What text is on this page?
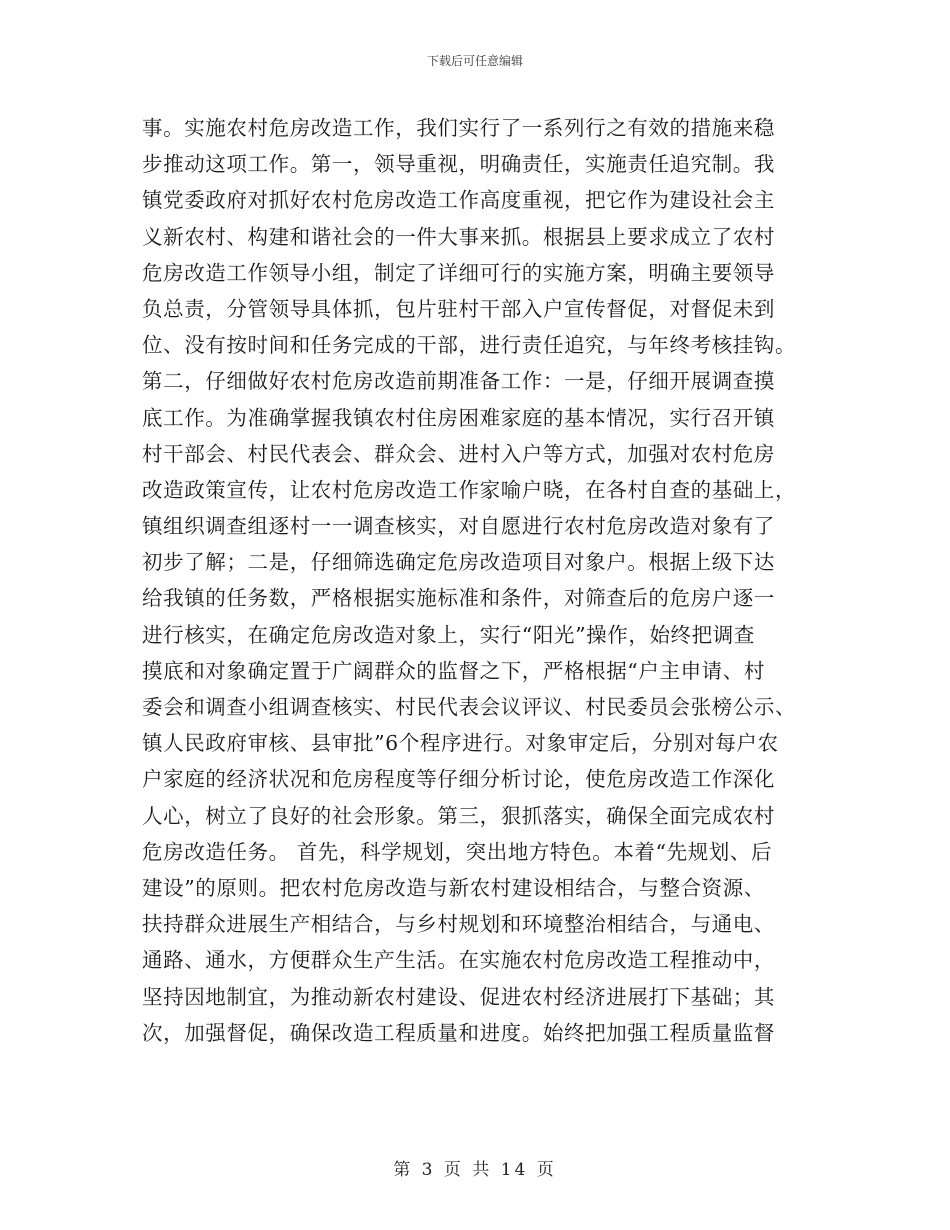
下载后可任意编辑
事。实施农村危房改造工作，我们实行了一系列行之有效的措施来稳
步推动这项工作。第一，领导重视，明确责任，实施责任追究制。我
镇党委政府对抓好农村危房改造工作高度重视，把它作为建设社会主
义新农村、构建和谐社会的一件大事来抓。根据县上要求成立了农村
危房改造工作领导小组，制定了详细可行的实施方案，明确主要领导
负总责，分管领导具体抓，包片驻村干部入户宣传督促，对督促未到
位、没有按时间和任务完成的干部，进行责任追究，与年终考核挂钩。
第二，仔细做好农村危房改造前期准备工作：一是，仔细开展调查摸
底工作。为准确掌握我镇农村住房困难家庭的基本情况，实行召开镇
村干部会、村民代表会、群众会、进村入户等方式，加强对农村危房
改造政策宣传，让农村危房改造工作家喻户晓，在各村自查的基础上，
镇组织调查组逐村一一调查核实，对自愿进行农村危房改造对象有了
初步了解；二是，仔细筛选确定危房改造项目对象户。根据上级下达
给我镇的任务数，严格根据实施标准和条件，对筛查后的危房户逐一
进行核实，在确定危房改造对象上，实行“阳光”操作，始终把调查
摸底和对象确定置于广阔群众的监督之下，严格根据“户主申请、村
委会和调查小组调查核实、村民代表会议评议、村民委员会张榜公示、
镇人民政府审核、县审批”6个程序进行。对象审定后，分别对每户农
户家庭的经济状况和危房程度等仔细分析讨论，使危房改造工作深化
人心，树立了良好的社会形象。第三，狠抓落实，确保全面完成农村
危房改造任务。 首先，科学规划，突出地方特色。本着“先规划、后
建设”的原则。把农村危房改造与新农村建设相结合，与整合资源、
扶持群众进展生产相结合，与乡村规划和环境整治相结合，与通电、
通路、通水，方便群众生产生活。在实施农村危房改造工程推动中，
坚持因地制宜，为推动新农村建设、促进农村经济进展打下基础；其
次，加强督促，确保改造工程质量和进度。始终把加强工程质量监督
第 3 页 共 14 页
